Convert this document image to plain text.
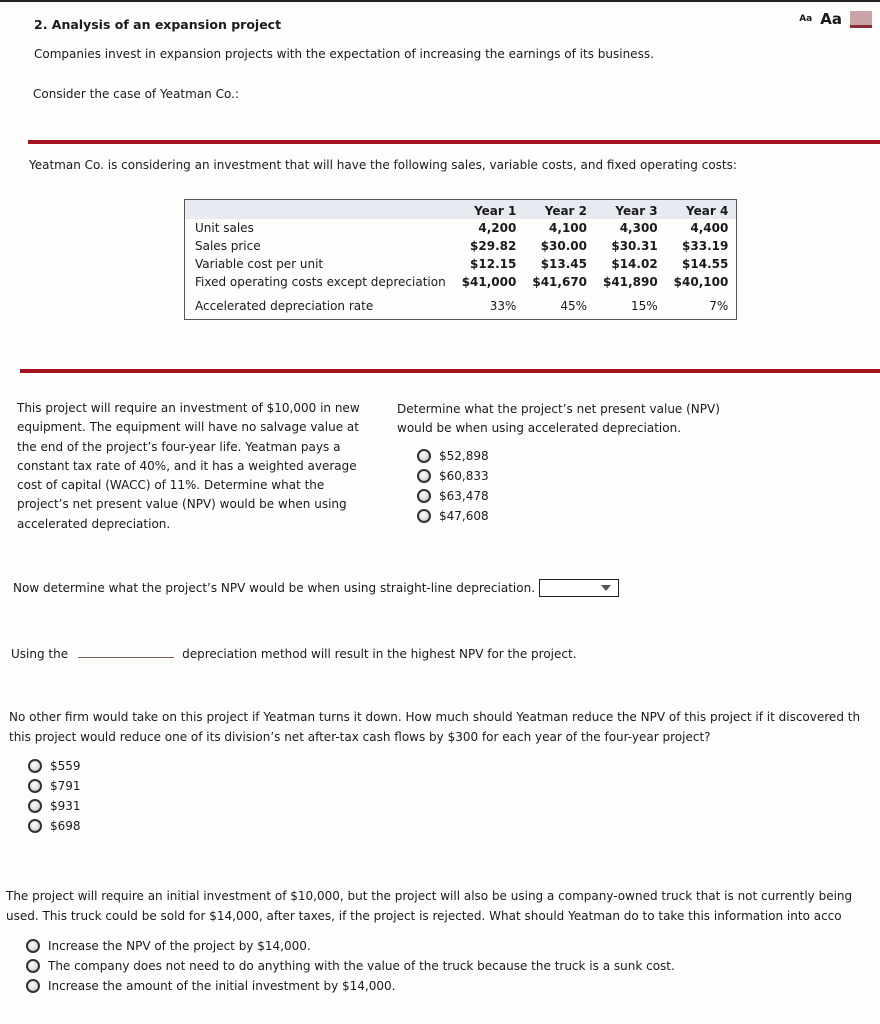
2. Analysis of an expansion project
Companies invest in expansion projects with the expectation of increasing the earnings of its business.
Consider the case of Yeatman Co.:
Aa Aa
Yeatman Co. is considering an investment that will have the following sales, variable costs, and fixed operating costs:
	Year 1	Year 2	Year 3	Year 4
Unit sales	4,200	4,100	4,300	4,400
Sales price	$29.82	$30.00	$30.31	$33.19
Variable cost per unit	$12.15	$13.45	$14.02	$14.55
Fixed operating costs except depreciation	$41,000	$41,670	$41,890	$40,100
Accelerated depreciation rate	33%	45%	15%	7%
This project will require an investment of $10,000 in new equipment. The equipment will have no salvage value at the end of the project’s four-year life. Yeatman pays a constant tax rate of 40%, and it has a weighted average cost of capital (WACC) of 11%. Determine what the project’s net present value (NPV) would be when using accelerated depreciation.
Determine what the project’s net present value (NPV) would be when using accelerated depreciation.
$52,898
$60,833
$63,478
$47,608
Now determine what the project’s NPV would be when using straight-line depreciation.
Using the	depreciation method will result in the highest NPV for the project.
No other firm would take on this project if Yeatman turns it down. How much should Yeatman reduce the NPV of this project if it discovered th
this project would reduce one of its division’s net after-tax cash flows by $300 for each year of the four-year project?
$559
$791
$931
$698
The project will require an initial investment of $10,000, but the project will also be using a company-owned truck that is not currently being
used. This truck could be sold for $14,000, after taxes, if the project is rejected. What should Yeatman do to take this information into acco
Increase the NPV of the project by $14,000.
The company does not need to do anything with the value of the truck because the truck is a sunk cost.
Increase the amount of the initial investment by $14,000.
